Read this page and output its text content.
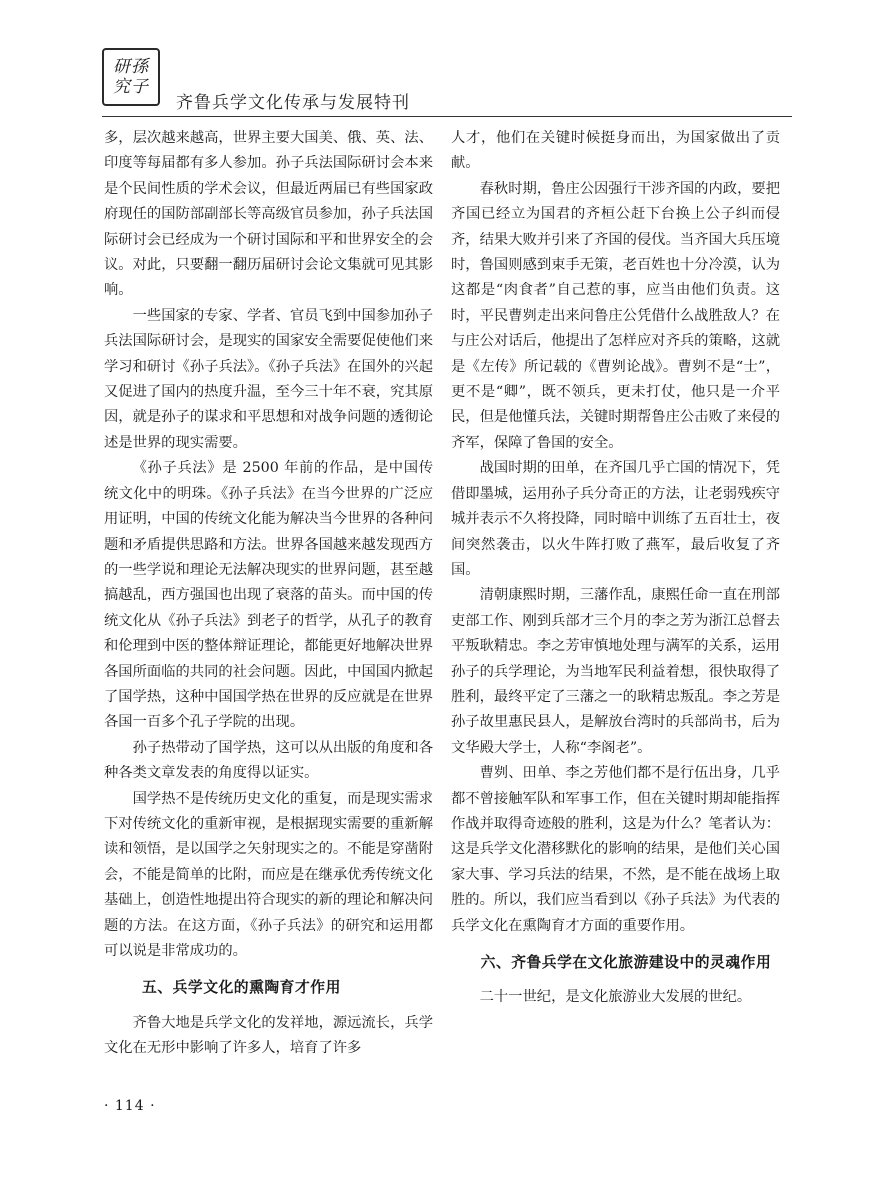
研孫究子
齐鲁兵学文化传承与发展特刊

多，层次越来越高，世界主要大国美、俄、英、法、印度等每届都有多人参加。孙子兵法国际研讨会本来是个民间性质的学术会议，但最近两届已有些国家政府现任的国防部副部长等高级官员参加，孙子兵法国际研讨会已经成为一个研讨国际和平和世界安全的会议。对此，只要翻一翻历届研讨会论文集就可见其影响。

一些国家的专家、学者、官员飞到中国参加孙子兵法国际研讨会，是现实的国家安全需要促使他们来学习和研讨《孙子兵法》。《孙子兵法》在国外的兴起又促进了国内的热度升温，至今三十年不衰，究其原因，就是孙子的谋求和平思想和对战争问题的透彻论述是世界的现实需要。

《孙子兵法》是 2500 年前的作品，是中国传统文化中的明珠。《孙子兵法》在当今世界的广泛应用证明，中国的传统文化能为解决当今世界的各种问题和矛盾提供思路和方法。世界各国越来越发现西方的一些学说和理论无法解决现实的世界问题，甚至越搞越乱，西方强国也出现了衰落的苗头。而中国的传统文化从《孙子兵法》到老子的哲学，从孔子的教育和伦理到中医的整体辩证理论，都能更好地解决世界各国所面临的共同的社会问题。因此，中国国内掀起了国学热，这种中国国学热在世界的反应就是在世界各国一百多个孔子学院的出现。

孙子热带动了国学热，这可以从出版的角度和各种各类文章发表的角度得以证实。

国学热不是传统历史文化的重复，而是现实需求下对传统文化的重新审视，是根据现实需要的重新解读和领悟，是以国学之矢射现实之的。不能是穿凿附会，不能是简单的比附，而应是在继承优秀传统文化基础上，创造性地提出符合现实的新的理论和解决问题的方法。在这方面，《孙子兵法》的研究和运用都可以说是非常成功的。

五、兵学文化的熏陶育才作用

齐鲁大地是兵学文化的发祥地，源远流长，兵学文化在无形中影响了许多人，培育了许多

人才，他们在关键时候挺身而出，为国家做出了贡献。

春秋时期，鲁庄公因强行干涉齐国的内政，要把齐国已经立为国君的齐桓公赶下台换上公子纠而侵齐，结果大败并引来了齐国的侵伐。当齐国大兵压境时，鲁国则感到束手无策，老百姓也十分冷漠，认为这都是“肉食者”自己惹的事，应当由他们负责。这时，平民曹刿走出来问鲁庄公凭借什么战胜敌人？在与庄公对话后，他提出了怎样应对齐兵的策略，这就是《左传》所记载的《曹刿论战》。曹刿不是“士”，更不是“卿”，既不领兵，更未打仗，他只是一介平民，但是他懂兵法，关键时期帮鲁庄公击败了来侵的齐军，保障了鲁国的安全。

战国时期的田单，在齐国几乎亡国的情况下，凭借即墨城，运用孙子兵分奇正的方法，让老弱残疾守城并表示不久将投降，同时暗中训练了五百壮士，夜间突然袭击，以火牛阵打败了燕军，最后收复了齐国。

清朝康熙时期，三藩作乱，康熙任命一直在刑部吏部工作、刚到兵部才三个月的李之芳为浙江总督去平叛耿精忠。李之芳审慎地处理与满军的关系，运用孙子的兵学理论，为当地军民利益着想，很快取得了胜利，最终平定了三藩之一的耿精忠叛乱。李之芳是孙子故里惠民县人，是解放台湾时的兵部尚书，后为文华殿大学士，人称“李阁老”。

曹刿、田单、李之芳他们都不是行伍出身，几乎都不曾接触军队和军事工作，但在关键时期却能指挥作战并取得奇迹般的胜利，这是为什么？笔者认为：这是兵学文化潜移默化的影响的结果，是他们关心国家大事、学习兵法的结果，不然，是不能在战场上取胜的。所以，我们应当看到以《孙子兵法》为代表的兵学文化在熏陶育才方面的重要作用。

六、齐鲁兵学在文化旅游建设中的灵魂作用

二十一世纪，是文化旅游业大发展的世纪。

· 114 ·
